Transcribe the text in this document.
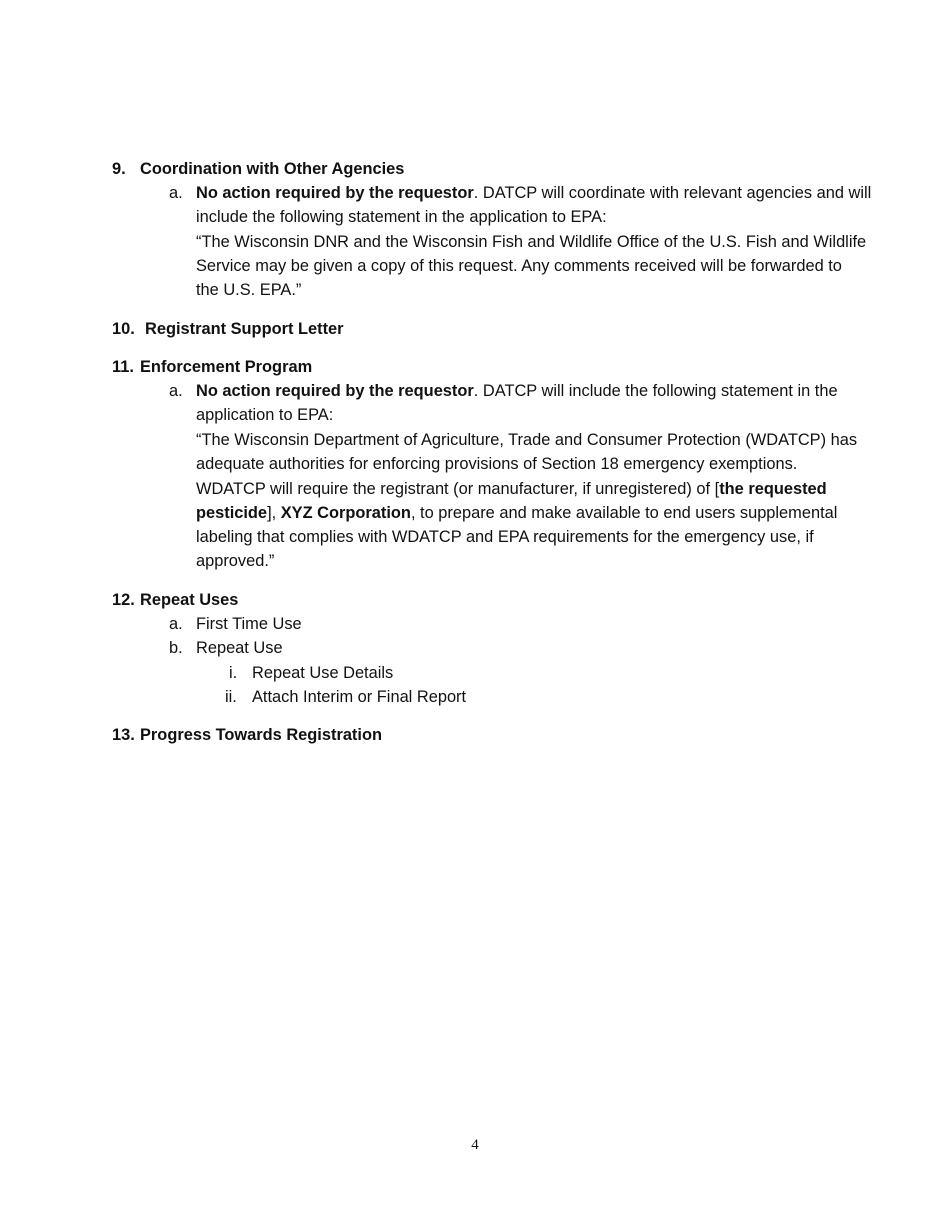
9. Coordination with Other Agencies
a. No action required by the requestor. DATCP will coordinate with relevant agencies and will
include the following statement in the application to EPA:
“The Wisconsin DNR and the Wisconsin Fish and Wildlife Office of the U.S. Fish and Wildlife
Service may be given a copy of this request. Any comments received will be forwarded to
the U.S. EPA.”
10. Registrant Support Letter
11. Enforcement Program
a. No action required by the requestor. DATCP will include the following statement in the
application to EPA:
“The Wisconsin Department of Agriculture, Trade and Consumer Protection (WDATCP) has
adequate authorities for enforcing provisions of Section 18 emergency exemptions.
WDATCP will require the registrant (or manufacturer, if unregistered) of [the requested
pesticide], XYZ Corporation, to prepare and make available to end users supplemental
labeling that complies with WDATCP and EPA requirements for the emergency use, if
approved.”
12. Repeat Uses
a. First Time Use
b. Repeat Use
i. Repeat Use Details
ii. Attach Interim or Final Report
13. Progress Towards Registration
4
